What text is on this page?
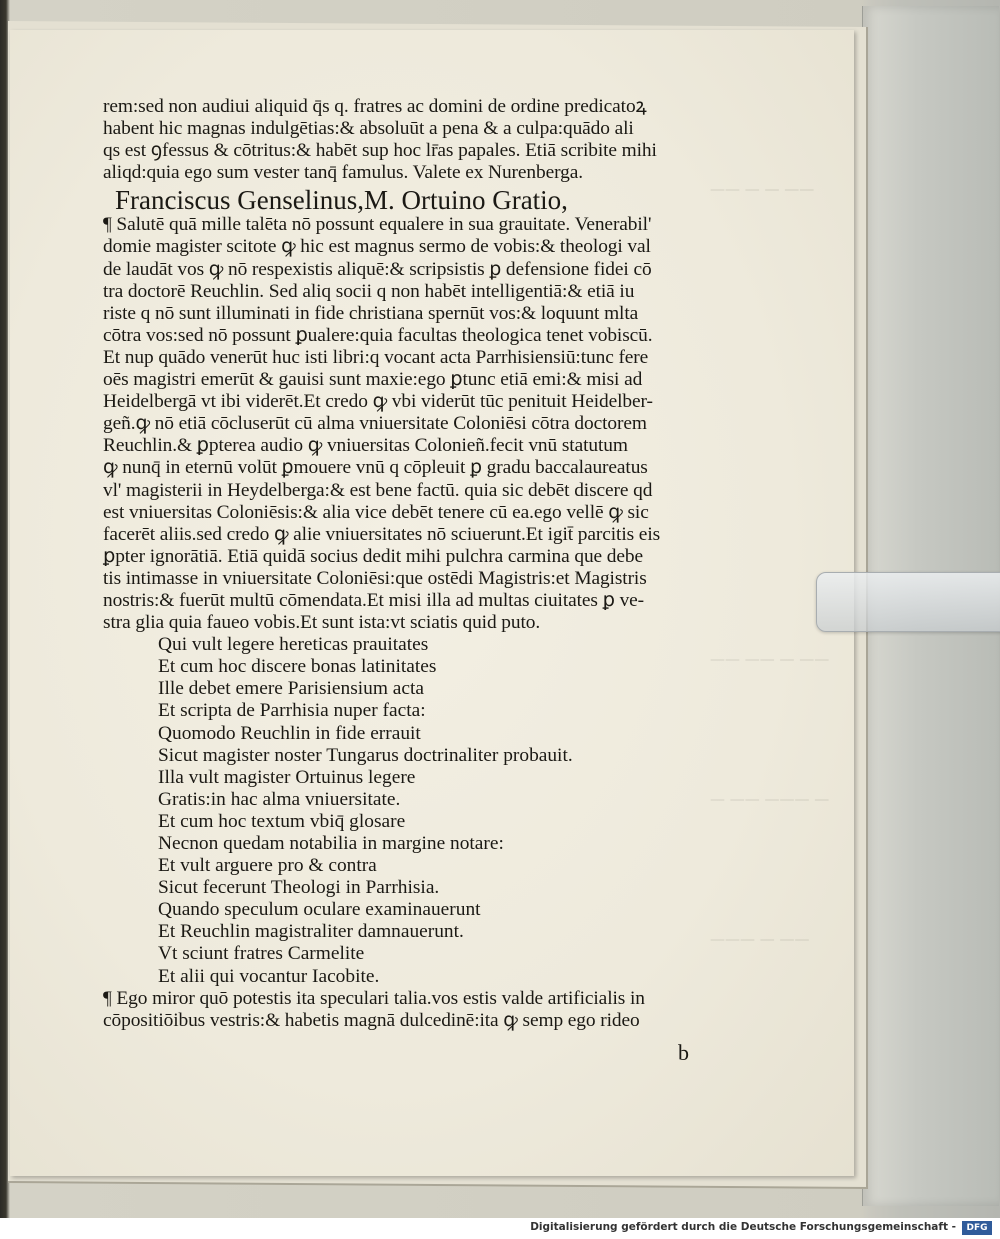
—— — — ——
—— —— — ——
— —— ——— —
——— — ——
rem:sed non audiui aliquid q̄s q. fratres ac domini de ordine predicatoꝝ
habent hic magnas indulgētias:& absoluūt a pena & a culpa:quādo ali
qs est ꝯfessus & cōtritus:& habēt sup hoc lr̄as papales. Etiā scribite mihi
aliqd:quia ego sum vester tanq̄ famulus. Valete ex Nurenberga.
Franciscus Genselinus,M. Ortuino Gratio,
¶ Salutē quā mille talēta nō possunt equalere in sua grauitate. Venerabil'
domie magister scitote ꝙ hic est magnus sermo de vobis:& theologi val
de laudāt vos ꝙ nō respexistis aliquē:& scripsistis ꝑ defensione fidei cō
tra doctorē Reuchlin. Sed aliq socii q non habēt intelligentiā:& etiā iu
riste q nō sunt illuminati in fide christiana spernūt vos:& loquunt mlta
cōtra vos:sed nō possunt ꝑualere:quia facultas theologica tenet vobiscū.
Et nup quādo venerūt huc isti libri:q vocant acta Parrhisiensiū:tunc fere
oēs magistri emerūt & gauisi sunt maxie:ego ꝑtunc etiā emi:& misi ad
Heidelbergā vt ibi viderēt.Et credo ꝙ vbi viderūt tūc penituit Heidelber-
geñ.ꝙ nō etiā cōcluserūt cū alma vniuersitate Coloniēsi cōtra doctorem
Reuchlin.& ꝑpterea audio ꝙ vniuersitas Colonieñ.fecit vnū statutum
ꝙ nunq̄ in eternū volūt ꝑmouere vnū q cōpleuit ꝑ gradu baccalaureatus
vl' magisterii in Heydelberga:& est bene factū. quia sic debēt discere qd
est vniuersitas Coloniēsis:& alia vice debēt tenere cū ea.ego vellē ꝙ sic
facerēt aliis.sed credo ꝙ alie vniuersitates nō sciuerunt.Et igit̄ parcitis eis
ꝑpter ignorātiā. Etiā quidā socius dedit mihi pulchra carmina que debe
tis intimasse in vniuersitate Coloniēsi:que ostēdi Magistris:et Magistris
nostris:& fuerūt multū cōmendata.Et misi illa ad multas ciuitates ꝑ ve-
stra glia quia faueo vobis.Et sunt ista:vt sciatis quid puto.
Qui vult legere hereticas prauitates
Et cum hoc discere bonas latinitates
Ille debet emere Parisiensium acta
Et scripta de Parrhisia nuper facta:
Quomodo Reuchlin in fide errauit
Sicut magister noster Tungarus doctrinaliter probauit.
Illa vult magister Ortuinus legere
Gratis:in hac alma vniuersitate.
Et cum hoc textum vbiq̄ glosare
Necnon quedam notabilia in margine notare:
Et vult arguere pro & contra
Sicut fecerunt Theologi in Parrhisia.
Quando speculum oculare examinauerunt
Et Reuchlin magistraliter damnauerunt.
Vt sciunt fratres Carmelite
Et alii qui vocantur Iacobite.
¶ Ego miror quō potestis ita speculari talia.vos estis valde artificialis in
cōpositiōibus vestris:& habetis magnā dulcedinē:ita ꝙ semp ego rideo
b
Digitalisierung gefördert durch die Deutsche Forschungsgemeinschaft -	DFG
